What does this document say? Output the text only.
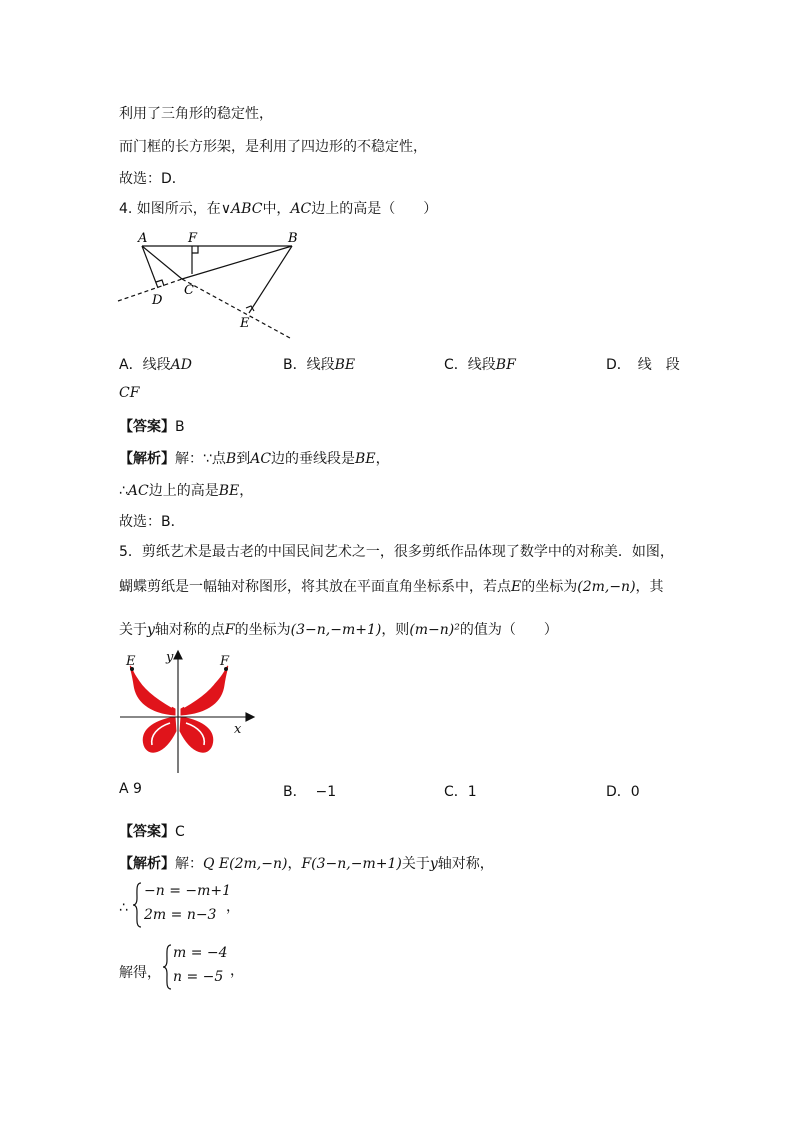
利用了三角形的稳定性，
而门框的长方形架，是利用了四边形的不稳定性，
故选：D．
4. 如图所示，在∨ABC中，AC边上的高是（　　）
A	F	B
C
D
E
A．线段AD	B．线段BE	C．线段BF	D．　线　段
CF
【答案】B
【解析】解：∵点B到AC边的垂线段是BE，
∴AC边上的高是BE，
故选：B．
5．剪纸艺术是最古老的中国民间艺术之一，很多剪纸作品体现了数学中的对称美．如图，
蝴蝶剪纸是一幅轴对称图形，将其放在平面直角坐标系中，若点E的坐标为(2m,−n)，其
关于y轴对称的点F的坐标为(3−n,−m+1)，则(m−n)²的值为（　　）
E	F
y
x
A 9	B． −1	C．1	D．0
【答案】C
【解析】解：Q E(2m,−n)，F(3−n,−m+1)关于y轴对称，
∴
−n = −m+1
2m = n−3 ，
解得，
m = −4
n = −5 ，
